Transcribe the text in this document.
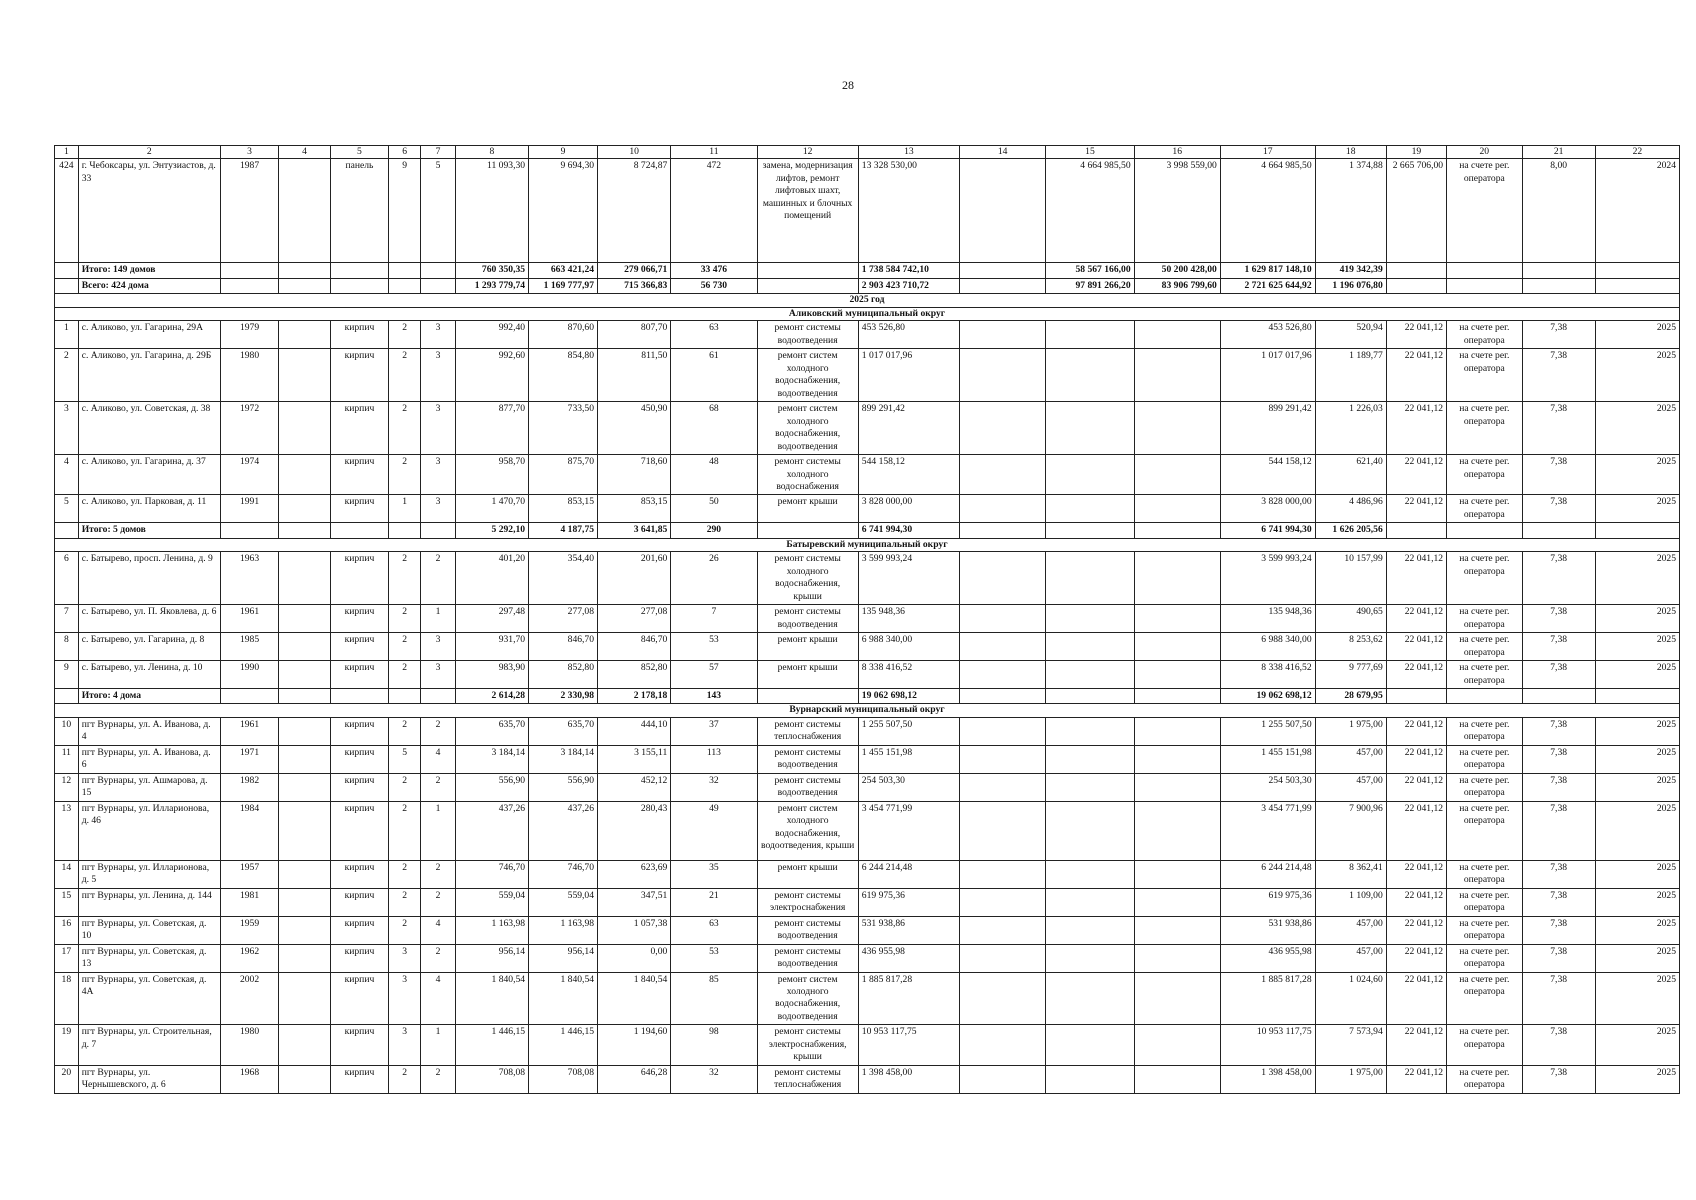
28
1	2	3	4	5	6	7	8	9	10	11	12	13	14	15	16	17	18	19	20	21	22
424	г. Чебоксары, ул. Энтузиастов, д. 33	1987		панель	9	5	11 093,30	9 694,30	8 724,87	472	замена, модернизация лифтов, ремонт лифтовых шахт, машинных и блочных помещений	13 328 530,00		4 664 985,50	3 998 559,00	4 664 985,50	1 374,88	2 665 706,00	на счете рег. оператора	8,00	2024
	Итого: 149 домов						760 350,35	663 421,24	279 066,71	33 476		1 738 584 742,10		58 567 166,00	50 200 428,00	1 629 817 148,10	419 342,39				
	Всего: 424 дома						1 293 779,74	1 169 777,97	715 366,83	56 730		2 903 423 710,72		97 891 266,20	83 906 799,60	2 721 625 644,92	1 196 076,80				
2025 год																					
Аликовский муниципальный округ																					
1	с. Аликово, ул. Гагарина, 29А	1979		кирпич	2	3	992,40	870,60	807,70	63	ремонт системы водоотведения	453 526,80				453 526,80	520,94	22 041,12	на счете рег. оператора	7,38	2025
2	с. Аликово, ул. Гагарина, д. 29Б	1980		кирпич	2	3	992,60	854,80	811,50	61	ремонт систем холодного водоснабжения, водоотведения	1 017 017,96				1 017 017,96	1 189,77	22 041,12	на счете рег. оператора	7,38	2025
3	с. Аликово, ул. Советская, д. 38	1972		кирпич	2	3	877,70	733,50	450,90	68	ремонт систем холодного водоснабжения, водоотведения	899 291,42				899 291,42	1 226,03	22 041,12	на счете рег. оператора	7,38	2025
4	с. Аликово, ул. Гагарина, д. 37	1974		кирпич	2	3	958,70	875,70	718,60	48	ремонт системы холодного водоснабжения	544 158,12				544 158,12	621,40	22 041,12	на счете рег. оператора	7,38	2025
5	с. Аликово, ул. Парковая, д. 11	1991		кирпич	1	3	1 470,70	853,15	853,15	50	ремонт крыши	3 828 000,00				3 828 000,00	4 486,96	22 041,12	на счете рег. оператора	7,38	2025
	Итого: 5 домов						5 292,10	4 187,75	3 641,85	290		6 741 994,30				6 741 994,30	1 626 205,56				
Батыревский муниципальный округ																					
6	с. Батырево, просп. Ленина, д. 9	1963		кирпич	2	2	401,20	354,40	201,60	26	ремонт системы холодного водоснабжения, крыши	3 599 993,24				3 599 993,24	10 157,99	22 041,12	на счете рег. оператора	7,38	2025
7	с. Батырево, ул. П. Яковлева, д. 6	1961		кирпич	2	1	297,48	277,08	277,08	7	ремонт системы водоотведения	135 948,36				135 948,36	490,65	22 041,12	на счете рег. оператора	7,38	2025
8	с. Батырево, ул. Гагарина, д. 8	1985		кирпич	2	3	931,70	846,70	846,70	53	ремонт крыши	6 988 340,00				6 988 340,00	8 253,62	22 041,12	на счете рег. оператора	7,38	2025
9	с. Батырево, ул. Ленина, д. 10	1990		кирпич	2	3	983,90	852,80	852,80	57	ремонт крыши	8 338 416,52				8 338 416,52	9 777,69	22 041,12	на счете рег. оператора	7,38	2025
	Итого: 4 дома						2 614,28	2 330,98	2 178,18	143		19 062 698,12				19 062 698,12	28 679,95				
Вурнарский муниципальный округ																					
10	пгт Вурнары, ул. А. Иванова, д. 4	1961		кирпич	2	2	635,70	635,70	444,10	37	ремонт системы теплоснабжения	1 255 507,50				1 255 507,50	1 975,00	22 041,12	на счете рег. оператора	7,38	2025
11	пгт Вурнары, ул. А. Иванова, д. 6	1971		кирпич	5	4	3 184,14	3 184,14	3 155,11	113	ремонт системы водоотведения	1 455 151,98				1 455 151,98	457,00	22 041,12	на счете рег. оператора	7,38	2025
12	пгт Вурнары, ул. Ашмарова, д. 15	1982		кирпич	2	2	556,90	556,90	452,12	32	ремонт системы водоотведения	254 503,30				254 503,30	457,00	22 041,12	на счете рег. оператора	7,38	2025
13	пгт Вурнары, ул. Илларионова, д. 46	1984		кирпич	2	1	437,26	437,26	280,43	49	ремонт систем холодного водоснабжения, водоотведения, крыши	3 454 771,99				3 454 771,99	7 900,96	22 041,12	на счете рег. оператора	7,38	2025
14	пгт Вурнары, ул. Илларионова, д. 5	1957		кирпич	2	2	746,70	746,70	623,69	35	ремонт крыши	6 244 214,48				6 244 214,48	8 362,41	22 041,12	на счете рег. оператора	7,38	2025
15	пгт Вурнары, ул. Ленина, д. 144	1981		кирпич	2	2	559,04	559,04	347,51	21	ремонт системы электроснабжения	619 975,36				619 975,36	1 109,00	22 041,12	на счете рег. оператора	7,38	2025
16	пгт Вурнары, ул. Советская, д. 10	1959		кирпич	2	4	1 163,98	1 163,98	1 057,38	63	ремонт системы водоотведения	531 938,86				531 938,86	457,00	22 041,12	на счете рег. оператора	7,38	2025
17	пгт Вурнары, ул. Советская, д. 13	1962		кирпич	3	2	956,14	956,14	0,00	53	ремонт системы водоотведения	436 955,98				436 955,98	457,00	22 041,12	на счете рег. оператора	7,38	2025
18	пгт Вурнары, ул. Советская, д. 4А	2002		кирпич	3	4	1 840,54	1 840,54	1 840,54	85	ремонт систем холодного водоснабжения, водоотведения	1 885 817,28				1 885 817,28	1 024,60	22 041,12	на счете рег. оператора	7,38	2025
19	пгт Вурнары, ул. Строительная, д. 7	1980		кирпич	3	1	1 446,15	1 446,15	1 194,60	98	ремонт системы электроснабжения, крыши	10 953 117,75				10 953 117,75	7 573,94	22 041,12	на счете рег. оператора	7,38	2025
20	пгт Вурнары, ул. Чернышевского, д. 6	1968		кирпич	2	2	708,08	708,08	646,28	32	ремонт системы теплоснабжения	1 398 458,00				1 398 458,00	1 975,00	22 041,12	на счете рег. оператора	7,38	2025
